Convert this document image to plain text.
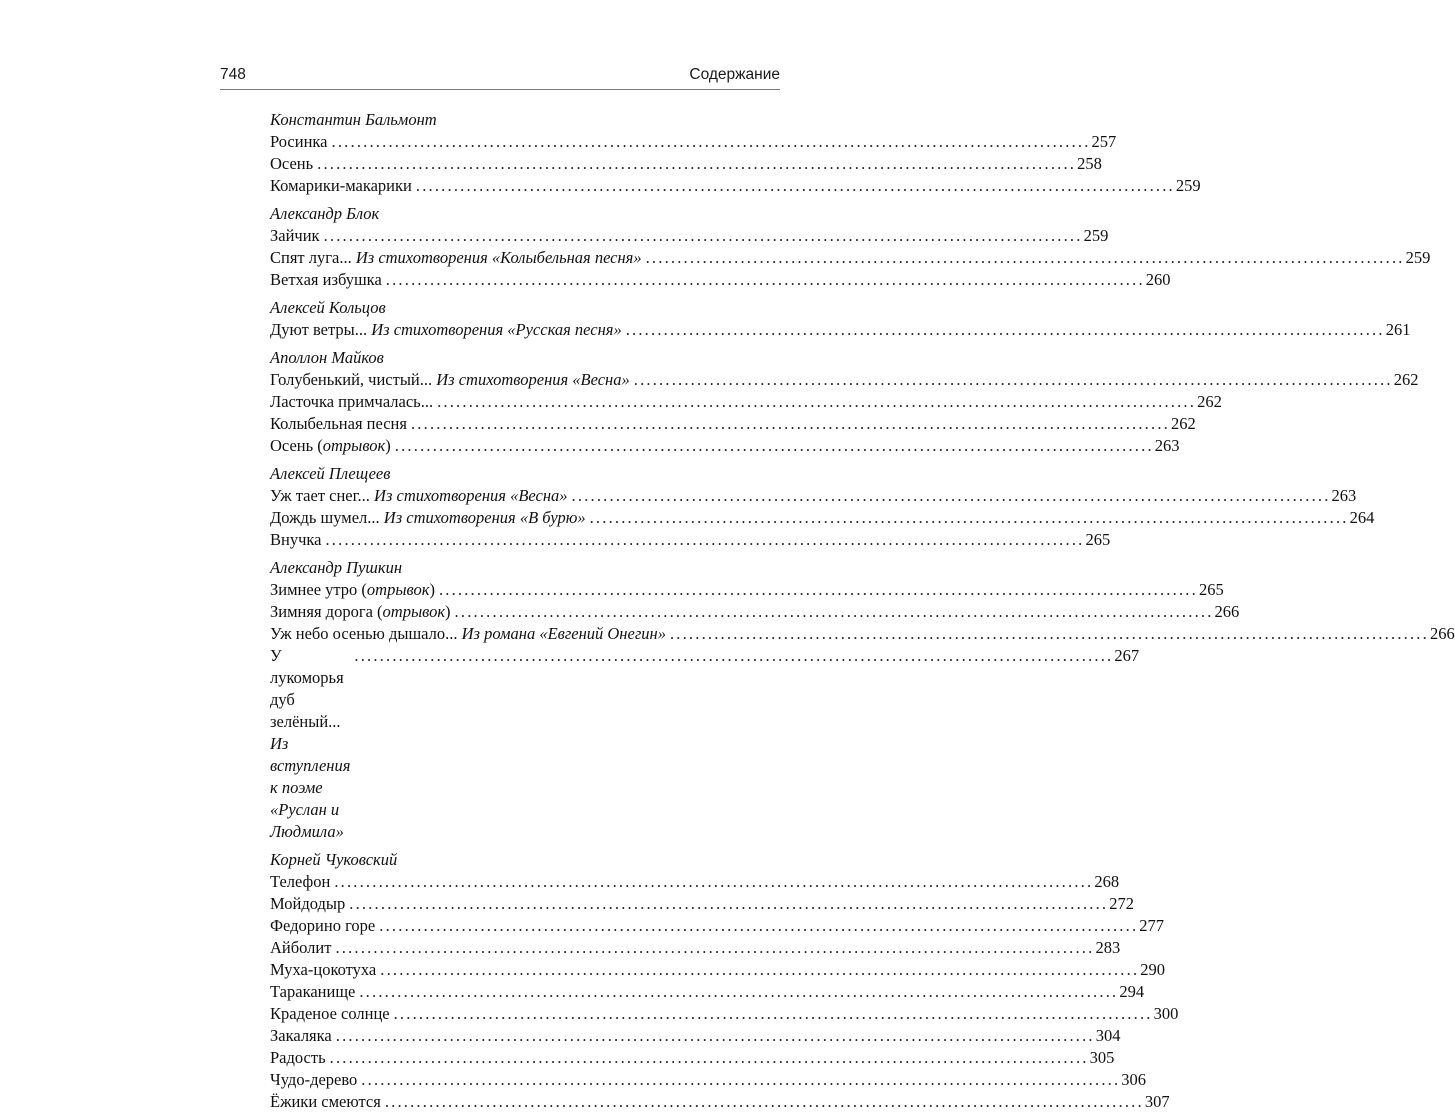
748	Содержание
Константин Бальмонт
Росинка ........................................................................................................................ 257
Осень ........................................................................................................................ 258
Комарики-макарики ........................................................................................................................ 259
Александр Блок
Зайчик ........................................................................................................................ 259
Спят луга... Из стихотворения «Колыбельная песня» ........................................................................................................................ 259
Ветхая избушка ........................................................................................................................ 260
Алексей Кольцов
Дуют ветры... Из стихотворения «Русская песня» ........................................................................................................................ 261
Аполлон Майков
Голубенький, чистый... Из стихотворения «Весна» ........................................................................................................................ 262
Ласточка примчалась... ........................................................................................................................ 262
Колыбельная песня ........................................................................................................................ 262
Осень (отрывок) ........................................................................................................................ 263
Алексей Плещеев
Уж тает снег... Из стихотворения «Весна» ........................................................................................................................ 263
Дождь шумел... Из стихотворения «В бурю» ........................................................................................................................ 264
Внучка ........................................................................................................................ 265
Александр Пушкин
Зимнее утро (отрывок) ........................................................................................................................ 265
Зимняя дорога (отрывок) ........................................................................................................................ 266
Уж небо осенью дышало... Из романа «Евгений Онегин» ........................................................................................................................ 266
У лукоморья дуб зелёный... Из вступления
к поэме «Руслан и Людмила»
........................................................................................................................ 267
Корней Чуковский
Телефон ........................................................................................................................ 268
Мойдодыр ........................................................................................................................ 272
Федорино горе ........................................................................................................................ 277
Айболит ........................................................................................................................ 283
Муха-цокотуха ........................................................................................................................ 290
Тараканище ........................................................................................................................ 294
Краденое солнце ........................................................................................................................ 300
Закаляка ........................................................................................................................ 304
Радость ........................................................................................................................ 305
Чудо-дерево ........................................................................................................................ 306
Ёжики смеются ........................................................................................................................ 307
